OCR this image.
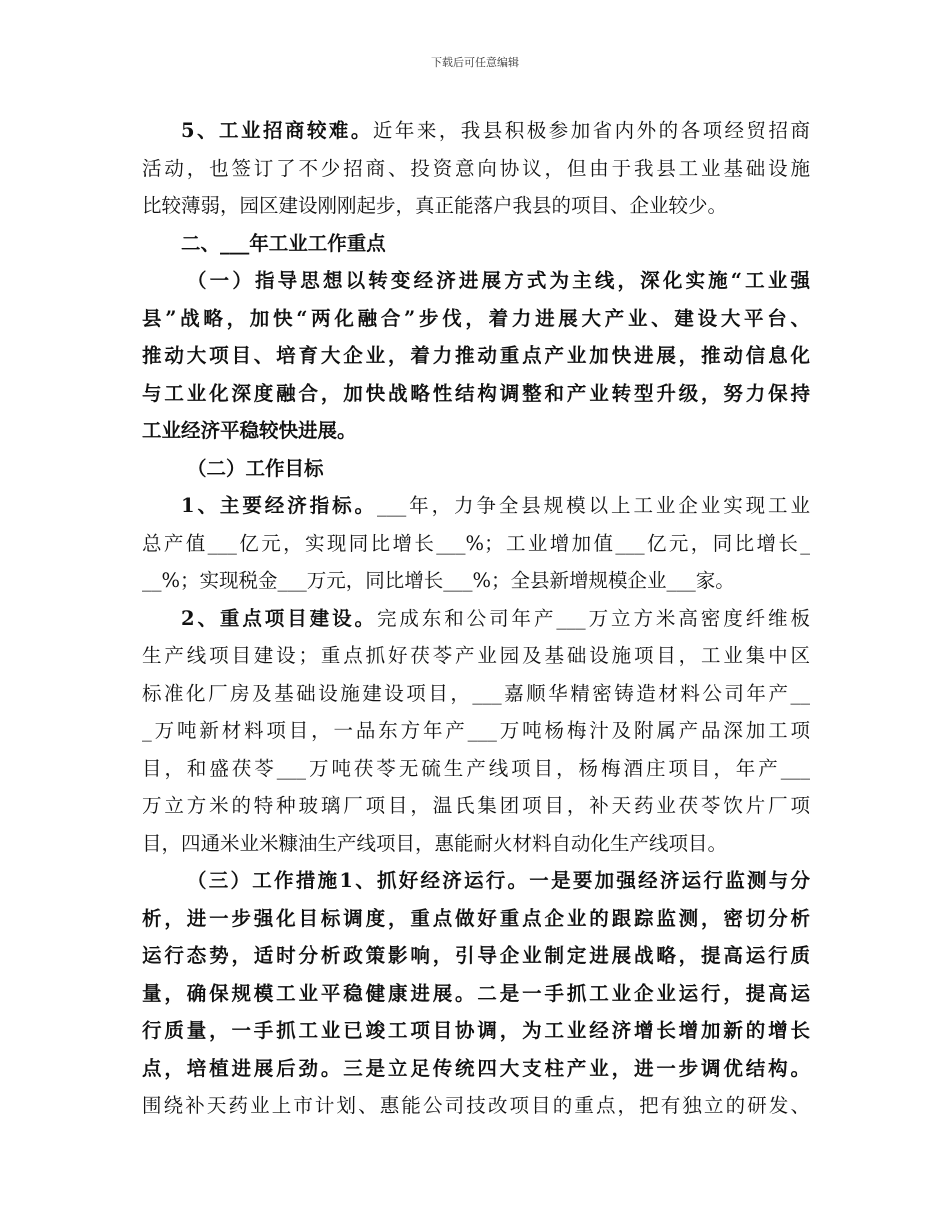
下载后可任意编辑
5、工业招商较难。近年来，我县积极参加省内外的各项经贸招商
活动，也签订了不少招商、投资意向协议，但由于我县工业基础设施
比较薄弱，园区建设刚刚起步，真正能落户我县的项目、企业较少。
二、___年工业工作重点
（一）指导思想以转变经济进展方式为主线，深化实施“工业强
县”战略，加快“两化融合”步伐，着力进展大产业、建设大平台、
推动大项目、培育大企业，着力推动重点产业加快进展，推动信息化
与工业化深度融合，加快战略性结构调整和产业转型升级，努力保持
工业经济平稳较快进展。
（二）工作目标
1、主要经济指标。___年，力争全县规模以上工业企业实现工业
总产值___亿元，实现同比增长___%；工业增加值___亿元，同比增长_
__%；实现税金___万元，同比增长___%；全县新增规模企业___家。
2、重点项目建设。完成东和公司年产___万立方米高密度纤维板
生产线项目建设；重点抓好茯苓产业园及基础设施项目，工业集中区
标准化厂房及基础设施建设项目，___嘉顺华精密铸造材料公司年产__
_万吨新材料项目，一品东方年产___万吨杨梅汁及附属产品深加工项
目，和盛茯苓___万吨茯苓无硫生产线项目，杨梅酒庄项目，年产___
万立方米的特种玻璃厂项目，温氏集团项目，补天药业茯苓饮片厂项
目，四通米业米糠油生产线项目，惠能耐火材料自动化生产线项目。
（三）工作措施1、抓好经济运行。一是要加强经济运行监测与分
析，进一步强化目标调度，重点做好重点企业的跟踪监测，密切分析
运行态势，适时分析政策影响，引导企业制定进展战略，提高运行质
量，确保规模工业平稳健康进展。二是一手抓工业企业运行，提高运
行质量，一手抓工业已竣工项目协调，为工业经济增长增加新的增长
点，培植进展后劲。三是立足传统四大支柱产业，进一步调优结构。
围绕补天药业上市计划、惠能公司技改项目的重点，把有独立的研发、
